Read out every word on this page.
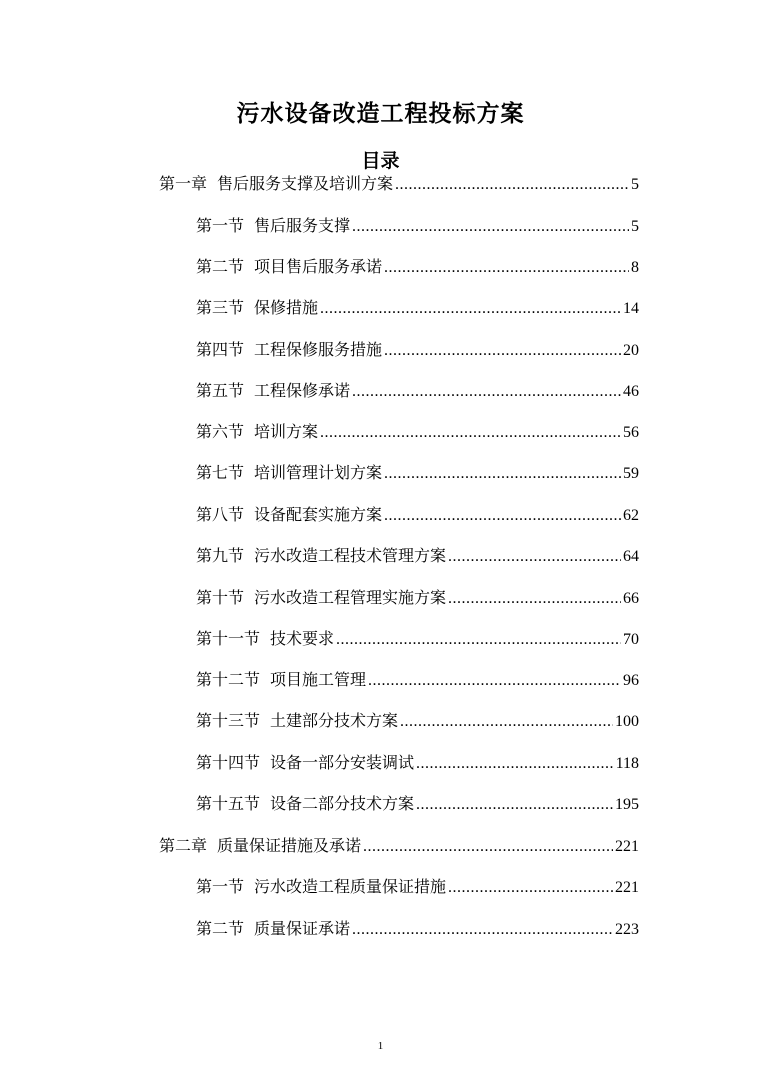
污水设备改造工程投标方案
目录
第一章 售后服务支撑及培训方案 .....	5
第一节 售后服务支撑 .....	5
第二节 项目售后服务承诺 .....	8
第三节 保修措施 .....	14
第四节 工程保修服务措施 .....	20
第五节 工程保修承诺 .....	46
第六节 培训方案 .....	56
第七节 培训管理计划方案 .....	59
第八节 设备配套实施方案 .....	62
第九节 污水改造工程技术管理方案 .....	64
第十节 污水改造工程管理实施方案 .....	66
第十一节 技术要求 .....	70
第十二节 项目施工管理 .....	96
第十三节 土建部分技术方案 .....	100
第十四节 设备一部分安装调试 .....	118
第十五节 设备二部分技术方案 .....	195
第二章 质量保证措施及承诺 .....	221
第一节 污水改造工程质量保证措施 .....	221
第二节 质量保证承诺 .....	223
1
